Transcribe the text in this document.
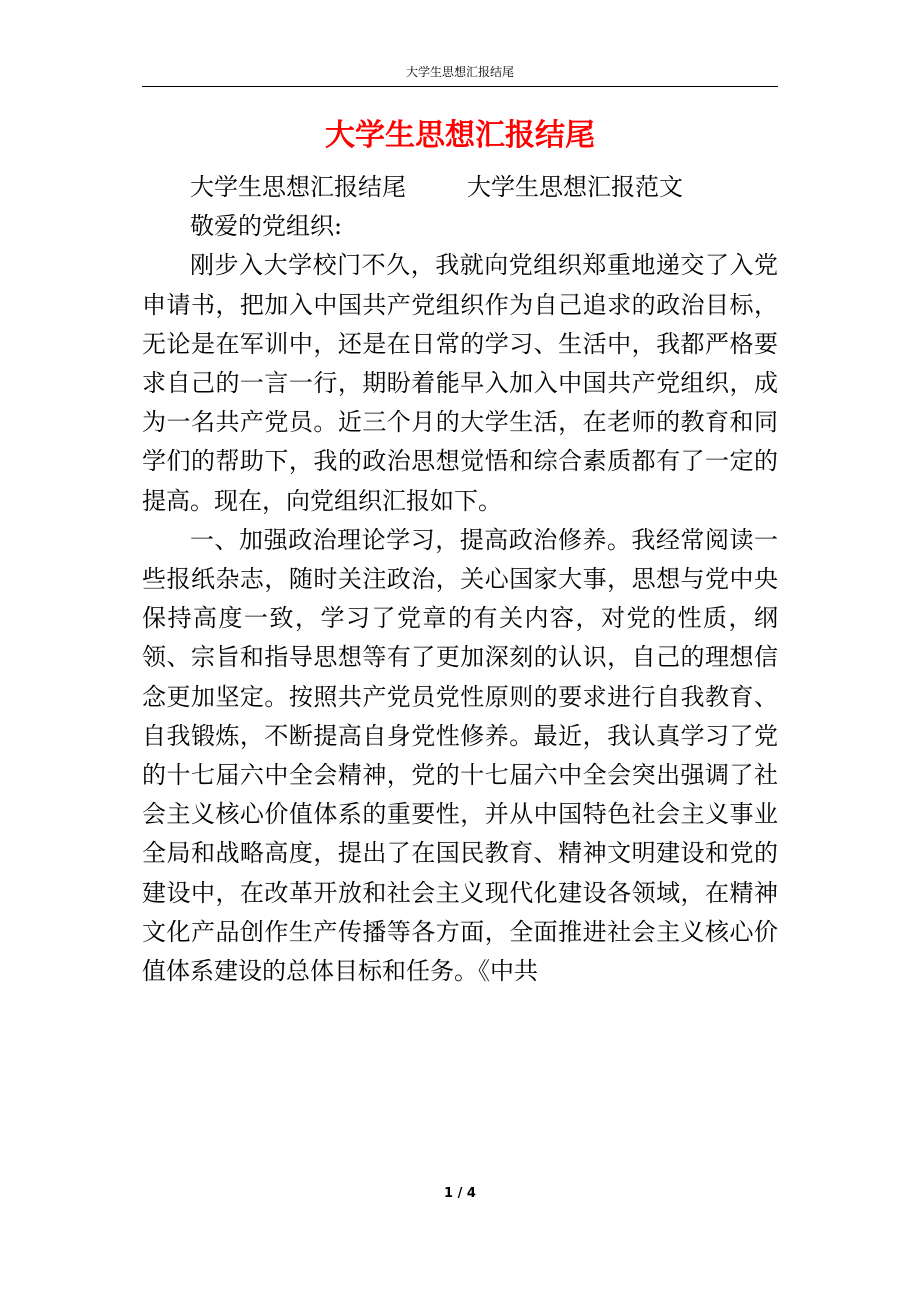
大学生思想汇报结尾
大学生思想汇报结尾

大学生思想汇报结尾	大学生思想汇报范文

敬爱的党组织:

刚步入大学校门不久，我就向党组织郑重地递交了入党申请书，把加入中国共产党组织作为自己追求的政治目标，无论是在军训中，还是在日常的学习、生活中，我都严格要求自己的一言一行，期盼着能早入加入中国共产党组织，成为一名共产党员。近三个月的大学生活，在老师的教育和同学们的帮助下，我的政治思想觉悟和综合素质都有了一定的提高。现在，向党组织汇报如下。

一、加强政治理论学习，提高政治修养。我经常阅读一些报纸杂志，随时关注政治，关心国家大事，思想与党中央保持高度一致，学习了党章的有关内容，对党的性质，纲领、宗旨和指导思想等有了更加深刻的认识，自己的理想信念更加坚定。按照共产党员党性原则的要求进行自我教育、自我锻炼，不断提高自身党性修养。最近，我认真学习了党的十七届六中全会精神，党的十七届六中全会突出强调了社会主义核心价值体系的重要性，并从中国特色社会主义事业全局和战略高度，提出了在国民教育、精神文明建设和党的建设中，在改革开放和社会主义现代化建设各领域，在精神文化产品创作生产传播等各方面，全面推进社会主义核心价值体系建设的总体目标和任务。《中共

1 / 4
